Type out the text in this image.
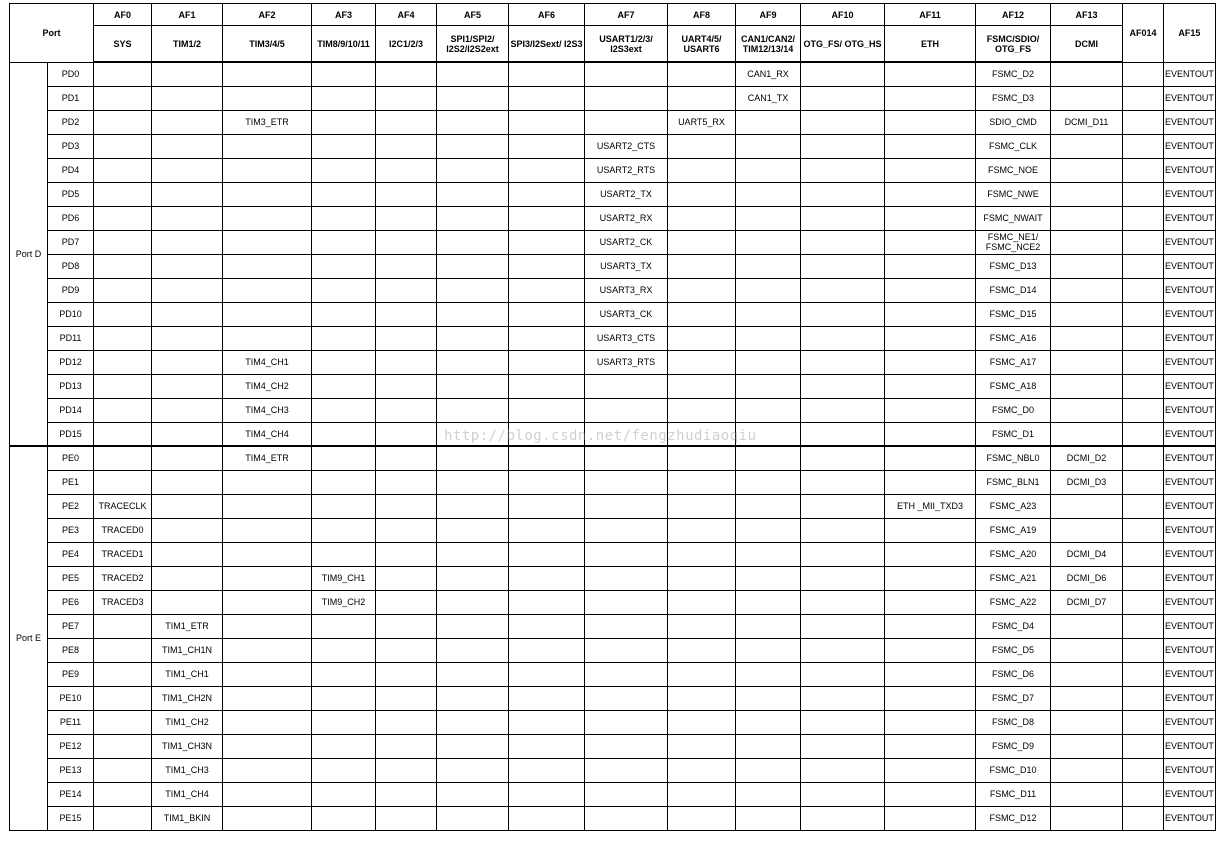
Port		AF0	AF1	AF2	AF3	AF4	AF5	AF6	AF7	AF8	AF9	AF10	AF11	AF12	AF13	AF014	AF15
		SYS	TIM1/2	TIM3/4/5	TIM8/9/10/11	I2C1/2/3	SPI1/SPI2/ I2S2/I2S2ext	SPI3/I2Sext/ I2S3	USART1/2/3/ I2S3ext	UART4/5/ USART6	CAN1/CAN2/ TIM12/13/14	OTG_FS/ OTG_HS	ETH	FSMC/SDIO/ OTG_FS	DCMI		
Port D	PD0										CAN1_RX			FSMC_D2			EVENTOUT
	PD1										CAN1_TX			FSMC_D3			EVENTOUT
	PD2			TIM3_ETR						UART5_RX				SDIO_CMD	DCMI_D11		EVENTOUT
	PD3								USART2_CTS					FSMC_CLK			EVENTOUT
	PD4								USART2_RTS					FSMC_NOE			EVENTOUT
	PD5								USART2_TX					FSMC_NWE			EVENTOUT
	PD6								USART2_RX					FSMC_NWAIT			EVENTOUT
	PD7								USART2_CK					FSMC_NE1/ FSMC_NCE2			EVENTOUT
	PD8								USART3_TX					FSMC_D13			EVENTOUT
	PD9								USART3_RX					FSMC_D14			EVENTOUT
	PD10								USART3_CK					FSMC_D15			EVENTOUT
	PD11								USART3_CTS					FSMC_A16			EVENTOUT
	PD12			TIM4_CH1					USART3_RTS					FSMC_A17			EVENTOUT
	PD13			TIM4_CH2										FSMC_A18			EVENTOUT
	PD14			TIM4_CH3										FSMC_D0			EVENTOUT
	PD15			TIM4_CH4										FSMC_D1			EVENTOUT
Port E	PE0			TIM4_ETR										FSMC_NBL0	DCMI_D2		EVENTOUT
	PE1													FSMC_BLN1	DCMI_D3		EVENTOUT
	PE2	TRACECLK											ETH _MII_TXD3	FSMC_A23			EVENTOUT
	PE3	TRACED0												FSMC_A19			EVENTOUT
	PE4	TRACED1												FSMC_A20	DCMI_D4		EVENTOUT
	PE5	TRACED2			TIM9_CH1									FSMC_A21	DCMI_D6		EVENTOUT
	PE6	TRACED3			TIM9_CH2									FSMC_A22	DCMI_D7		EVENTOUT
	PE7		TIM1_ETR											FSMC_D4			EVENTOUT
	PE8		TIM1_CH1N											FSMC_D5			EVENTOUT
	PE9		TIM1_CH1											FSMC_D6			EVENTOUT
	PE10		TIM1_CH2N											FSMC_D7			EVENTOUT
	PE11		TIM1_CH2											FSMC_D8			EVENTOUT
	PE12		TIM1_CH3N											FSMC_D9			EVENTOUT
	PE13		TIM1_CH3											FSMC_D10			EVENTOUT
	PE14		TIM1_CH4											FSMC_D11			EVENTOUT
	PE15		TIM1_BKIN											FSMC_D12			EVENTOUT
http://blog.csdn.net/fengzhudiaoqiu
